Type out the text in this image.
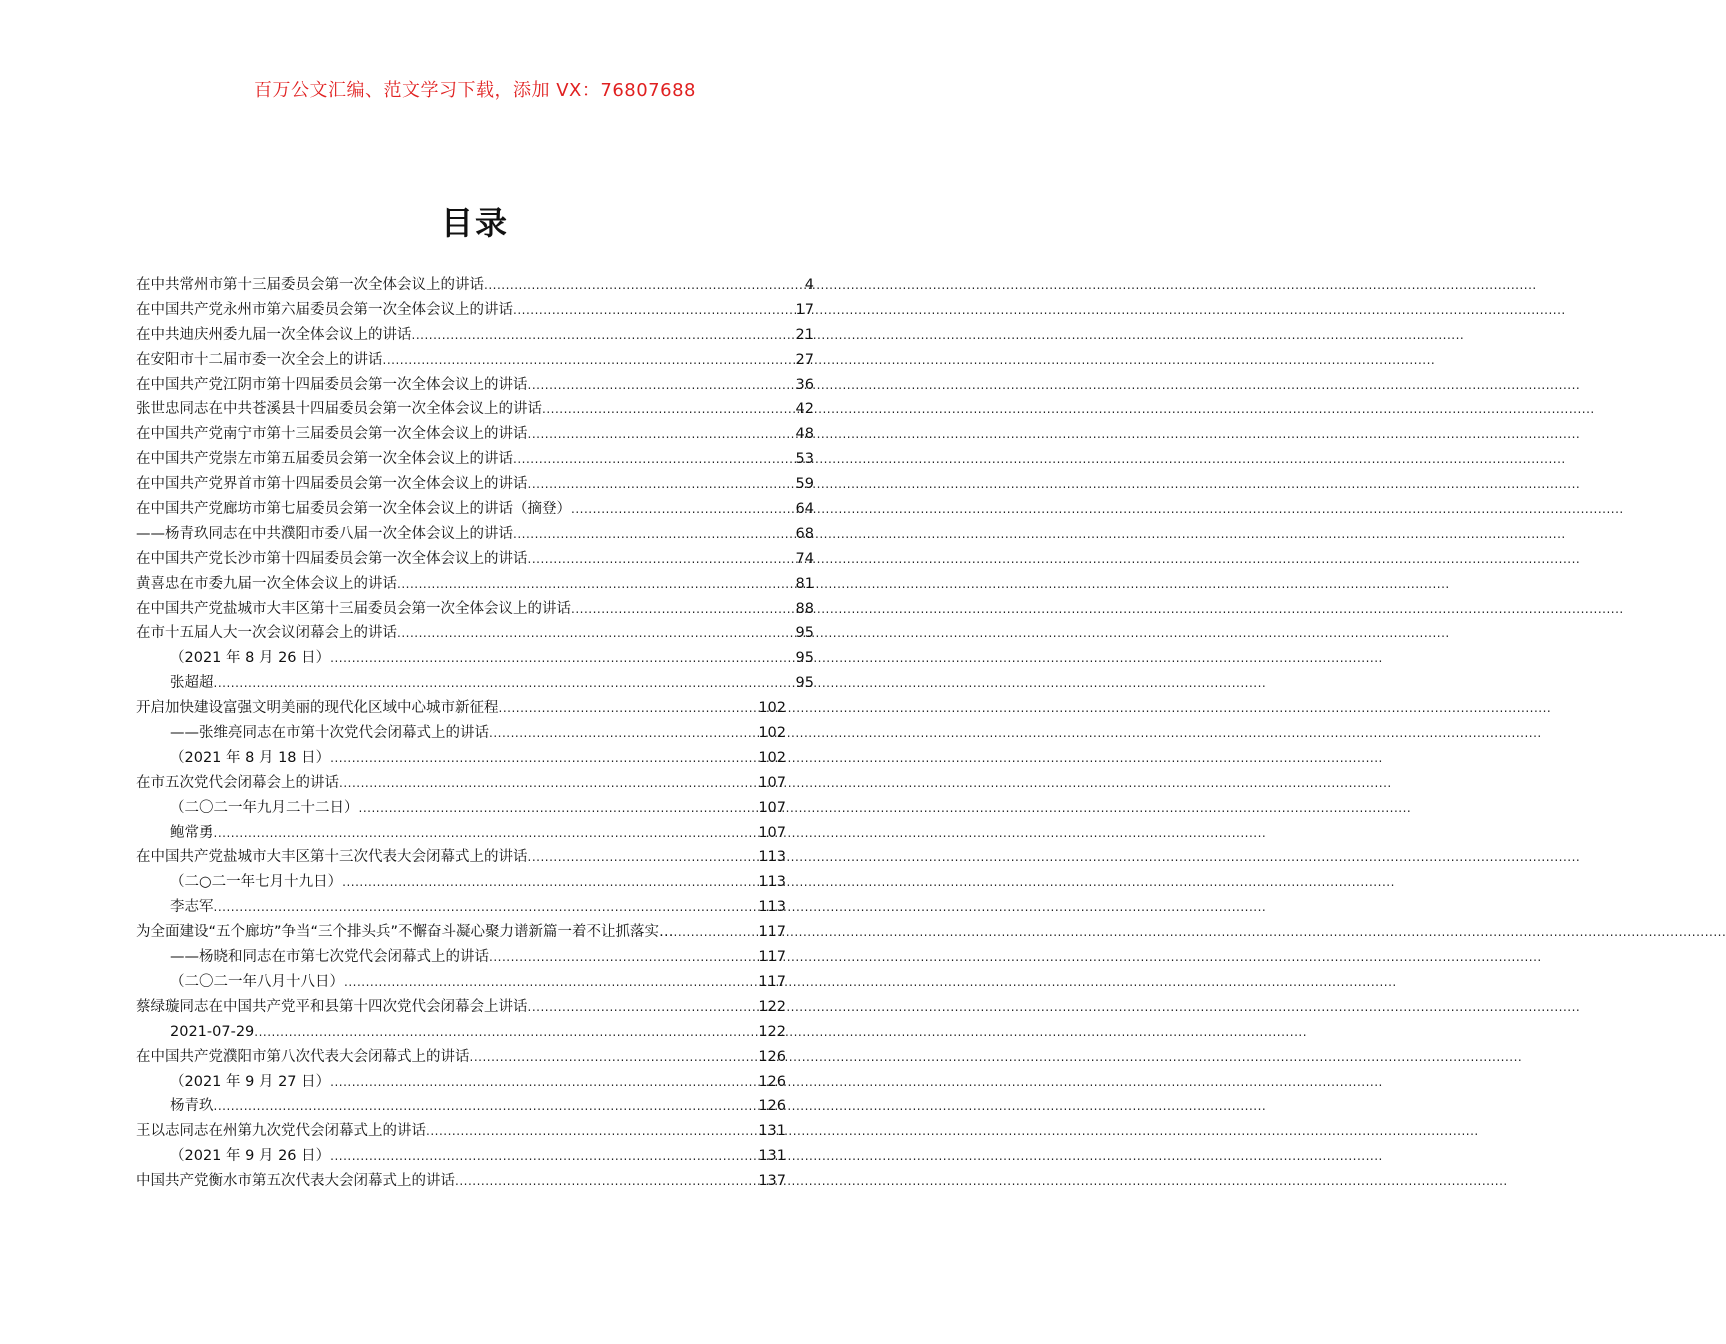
百万公文汇编、范文学习下载，添加 VX：76807688
目录
在中共常州市第十三届委员会第一次全体会议上的讲话 .....	4
在中国共产党永州市第六届委员会第一次全体会议上的讲话 .....	17
在中共迪庆州委九届一次全体会议上的讲话 .....	21
在安阳市十二届市委一次全会上的讲话 .....	27
在中国共产党江阴市第十四届委员会第一次全体会议上的讲话 .....	36
张世忠同志在中共苍溪县十四届委员会第一次全体会议上的讲话 .....	42
在中国共产党南宁市第十三届委员会第一次全体会议上的讲话 .....	48
在中国共产党崇左市第五届委员会第一次全体会议上的讲话 .....	53
在中国共产党界首市第十四届委员会第一次全体会议上的讲话 .....	59
在中国共产党廊坊市第七届委员会第一次全体会议上的讲话（摘登） .....	64
——杨青玖同志在中共濮阳市委八届一次全体会议上的讲话 .....	68
在中国共产党长沙市第十四届委员会第一次全体会议上的讲话 .....	74
黄喜忠在市委九届一次全体会议上的讲话 .....	81
在中国共产党盐城市大丰区第十三届委员会第一次全体会议上的讲话 .....	88
在市十五届人大一次会议闭幕会上的讲话 .....	95
（2021 年 8 月 26 日） .....	95
张超超 .....	95
开启加快建设富强文明美丽的现代化区域中心城市新征程 .....	102
——张维亮同志在市第十次党代会闭幕式上的讲话 .....	102
（2021 年 8 月 18 日） .....	102
在市五次党代会闭幕会上的讲话 .....	107
（二〇二一年九月二十二日） .....	107
鲍常勇 .....	107
在中国共产党盐城市大丰区第十三次代表大会闭幕式上的讲话 .....	113
（二○二一年七月十九日） .....	113
李志军 .....	113
为全面建设“五个廊坊”争当“三个排头兵”不懈奋斗凝心聚力谱新篇一着不让抓落实… .....	117
——杨晓和同志在市第七次党代会闭幕式上的讲话 .....	117
（二〇二一年八月十八日） .....	117
蔡绿璇同志在中国共产党平和县第十四次党代会闭幕会上讲话 .....	122
2021-07-29 .....	122
在中国共产党濮阳市第八次代表大会闭幕式上的讲话 .....	126
（2021 年 9 月 27 日） .....	126
杨青玖 .....	126
王以志同志在州第九次党代会闭幕式上的讲话 .....	131
（2021 年 9 月 26 日） .....	131
中国共产党衡水市第五次代表大会闭幕式上的讲话 .....	137
